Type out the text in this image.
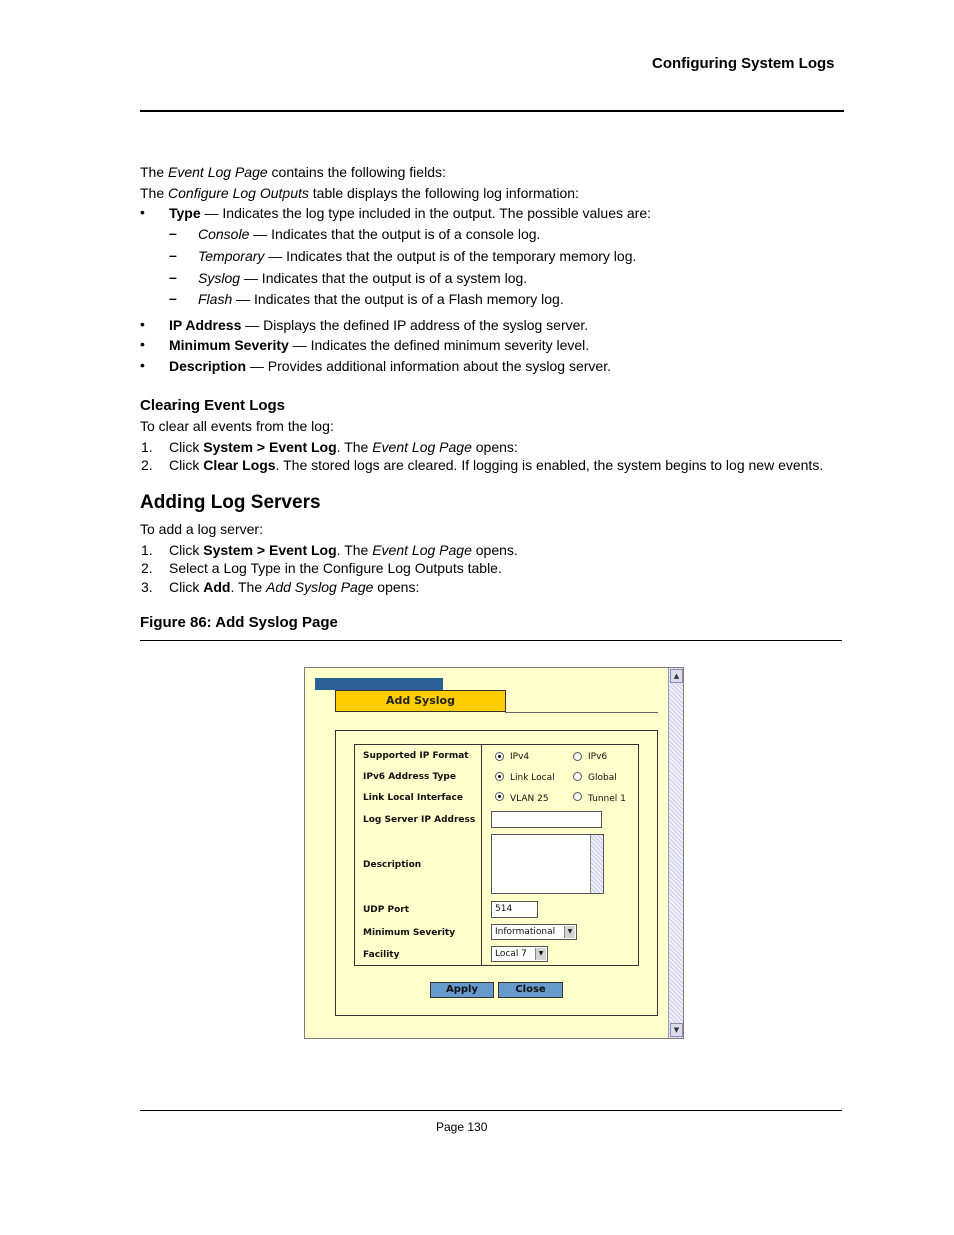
Configuring System Logs
The Event Log Page contains the following fields:
The Configure Log Outputs table displays the following log information:
• Type — Indicates the log type included in the output. The possible values are:
– Console — Indicates that the output is of a console log.
– Temporary — Indicates that the output is of the temporary memory log.
– Syslog — Indicates that the output is of a system log.
– Flash — Indicates that the output is of a Flash memory log.
• IP Address — Displays the defined IP address of the syslog server.
• Minimum Severity — Indicates the defined minimum severity level.
• Description — Provides additional information about the syslog server.
Clearing Event Logs
To clear all events from the log:
1. Click System > Event Log. The Event Log Page opens:
2. Click Clear Logs. The stored logs are cleared. If logging is enabled, the system begins to log new events.
Adding Log Servers
To add a log server:
1. Click System > Event Log. The Event Log Page opens.
2. Select a Log Type in the Configure Log Outputs table.
3. Click Add. The Add Syslog Page opens:
Figure 86: Add Syslog Page
▲
▼
Add Syslog
Supported IP Format	IPv4	IPv6
IPv6 Address Type	Link Local	Global
Link Local Interface	VLAN 25	Tunnel 1
Log Server IP Address
Description
UDP Port	514
Minimum Severity	Informational	▼
Facility	Local 7	▼
Apply	Close
Page 130
